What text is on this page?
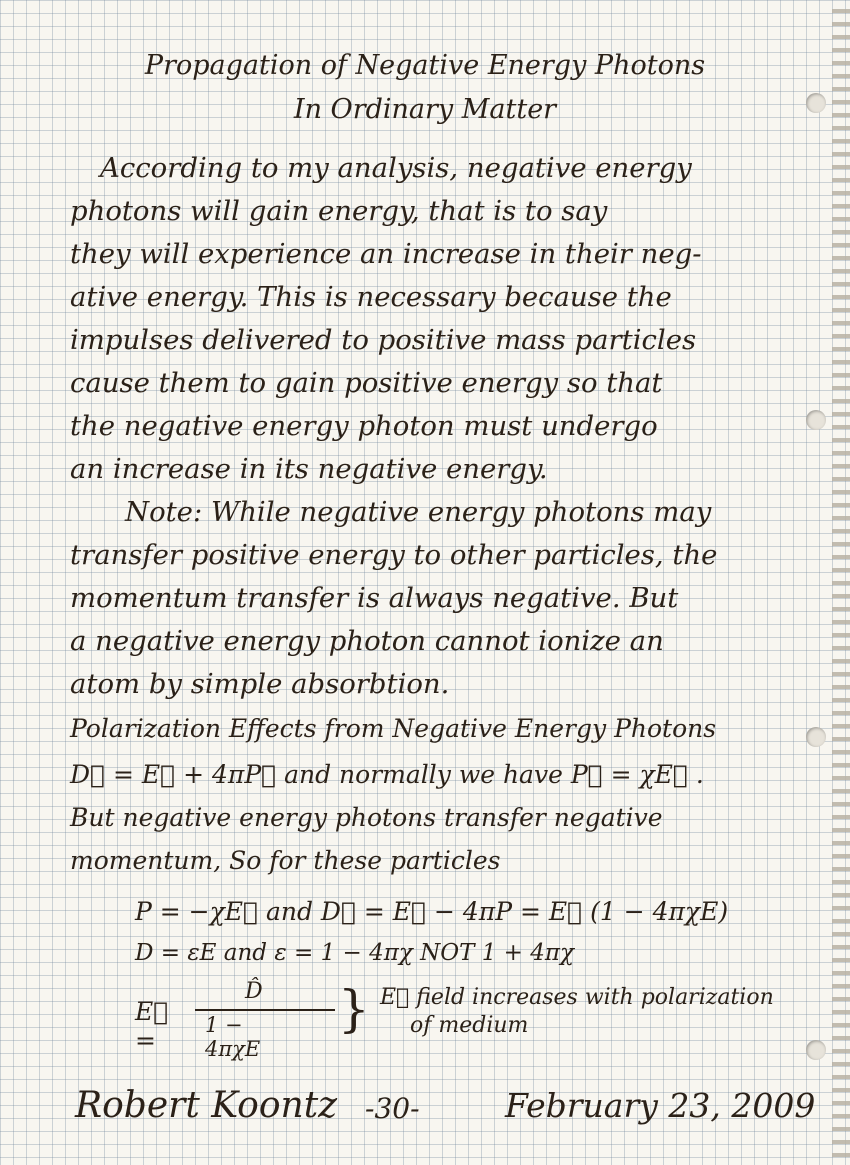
Propagation of Negative Energy Photons
In Ordinary Matter
According to my analysis, negative energy
photons will gain energy, that is to say
they will experience an increase in their neg-
ative energy. This is necessary because the
impulses delivered to positive mass particles
cause them to gain positive energy so that
the negative energy photon must undergo
an increase in its negative energy.
Note: While negative energy photons may
transfer positive energy to other particles, the
momentum transfer is always negative. But
a negative energy photon cannot ionize an
atom by simple absorbtion.
Polarization Effects from Negative Energy Photons
D⃗ = E⃗ + 4πP⃗ and normally we have P⃗ = χE⃗ .
But negative energy photons transfer negative
momentum, So for these particles
P = −χE⃗ and D⃗ = E⃗ − 4πP = E⃗ (1 − 4πχE)
D = εE and ε = 1 − 4πχ NOT 1 + 4πχ
E⃗ =
D̂
1 − 4πχE
} E⃗ field increases with polarization
of medium
Robert Koontz -30-	February 23, 2009
